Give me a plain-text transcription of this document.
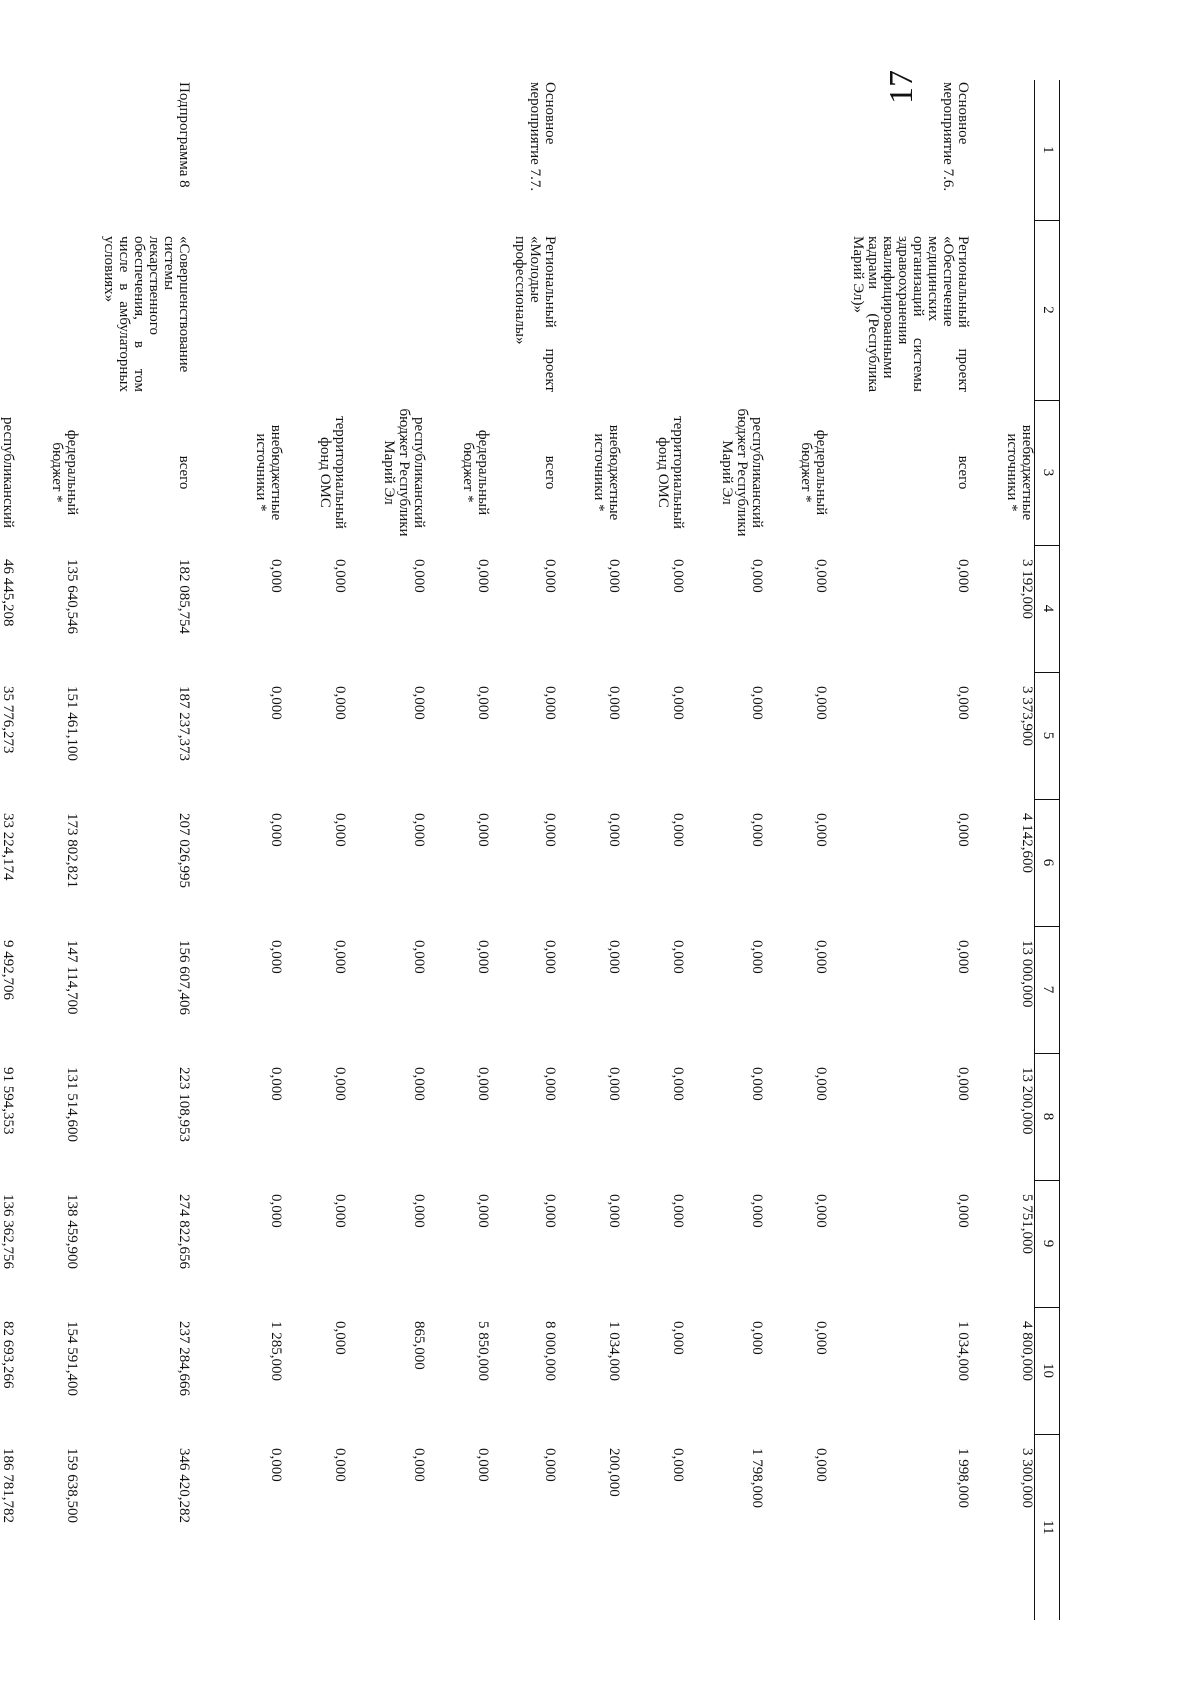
17
1	2	3	4	5	6	7	8	9	10	11
		внебюджетные источники *	3 192,000	3 373,900	4 142,600	13 000,000	13 200,000	5 751,000	4 800,000	3 300,000

Основное мероприятие 7.6.	Региональный проект «Обеспечение медицинских организаций системы здравоохранения квалифицированными кадрами (Республика Марий Эл)»	всего	0,000	0,000	0,000	0,000	0,000	0,000	1 034,000	1 998,000

		федеральный бюджет *	0,000	0,000	0,000	0,000	0,000	0,000	0,000	0,000

		республиканский бюджет Республики Марий Эл	0,000	0,000	0,000	0,000	0,000	0,000	0,000	1 798,000

		территориальный фонд ОМС	0,000	0,000	0,000	0,000	0,000	0,000	0,000	0,000

		внебюджетные источники *	0,000	0,000	0,000	0,000	0,000	0,000	1 034,000	200,000

Основное мероприятие 7.7.	Региональный проект «Молодые профессионалы»	всего	0,000	0,000	0,000	0,000	0,000	0,000	8 000,000	0,000

		федеральный бюджет *	0,000	0,000	0,000	0,000	0,000	0,000	5 850,000	0,000

		республиканский бюджет Республики Марий Эл	0,000	0,000	0,000	0,000	0,000	0,000	865,000	0,000

		территориальный фонд ОМС	0,000	0,000	0,000	0,000	0,000	0,000	0,000	0,000

		внебюджетные источники *	0,000	0,000	0,000	0,000	0,000	0,000	1 285,000	0,000

Подпрограмма 8	«Совершенствование системы лекарственного обеспечения, в том числе в амбулаторных условиях»	всего	182 085,754	187 237,373	207 026,995	156 607,406	223 108,953	274 822,656	237 284,666	346 420,282

		федеральный бюджет *	135 640,546	151 461,100	173 802,821	147 114,700	131 514,600	138 459,900	154 591,400	159 638,500

		республиканский	46 445,208	35 776,273	33 224,174	9 492,706	91 594,353	136 362,756	82 693,266	186 781,782
